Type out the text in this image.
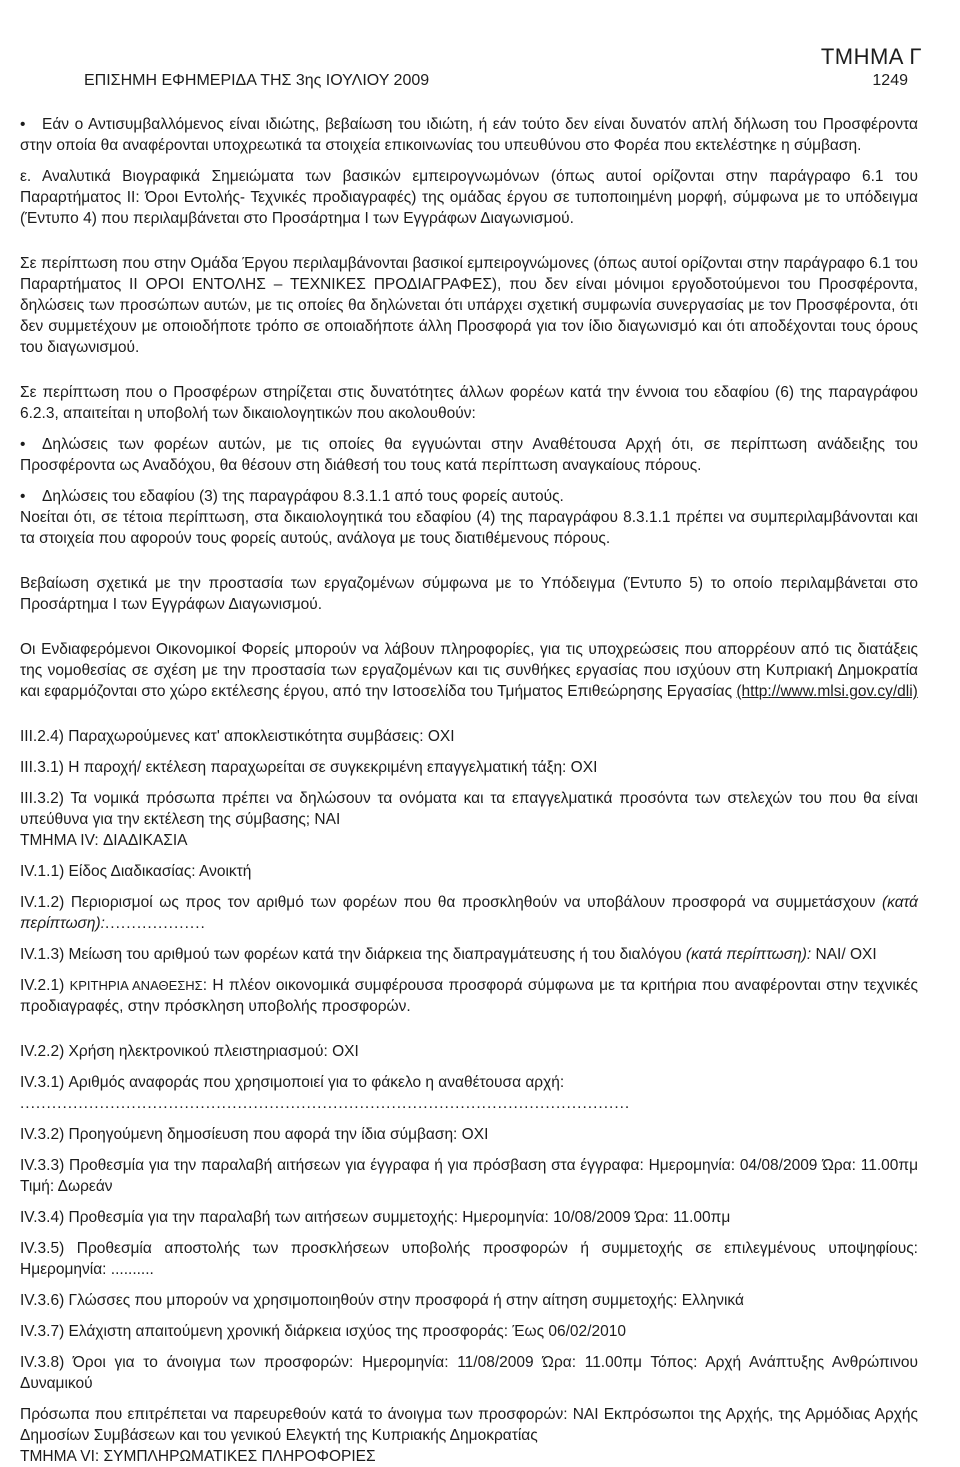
ΤΜΗΜΑ Γ
ΕΠΙΣΗΜΗ ΕΦΗΜΕΡΙΔΑ ΤΗΣ 3ης ΙΟΥΛΙΟΥ 2009	1249

• Εάν ο Αντισυμβαλλόμενος είναι ιδιώτης, βεβαίωση του ιδιώτη, ή εάν τούτο δεν είναι δυνατόν απλή δήλωση του Προσφέροντα στην οποία θα αναφέρονται υποχρεωτικά τα στοιχεία επικοινωνίας του υπευθύνου στο Φορέα που εκτελέστηκε η σύμβαση.

ε. Αναλυτικά Βιογραφικά Σημειώματα των βασικών εμπειρογνωμόνων (όπως αυτοί ορίζονται στην παράγραφο 6.1 του Παραρτήματος ΙΙ: Όροι Εντολής- Τεχνικές προδιαγραφές) της ομάδας έργου σε τυποποιημένη μορφή, σύμφωνα με το υπόδειγμα (Έντυπο 4) που περιλαμβάνεται στο Προσάρτημα Ι των Εγγράφων Διαγωνισμού.

Σε περίπτωση που στην Ομάδα Έργου περιλαμβάνονται βασικοί εμπειρογνώμονες (όπως αυτοί ορίζονται στην παράγραφο 6.1 του Παραρτήματος ΙΙ ΟΡΟΙ ΕΝΤΟΛΗΣ – ΤΕΧΝΙΚΕΣ ΠΡΟΔΙΑΓΡΑΦΕΣ), που δεν είναι μόνιμοι εργοδοτούμενοι του Προσφέροντα, δηλώσεις των προσώπων αυτών, με τις οποίες θα δηλώνεται ότι υπάρχει σχετική συμφωνία συνεργασίας με τον Προσφέροντα, ότι δεν συμμετέχουν με οποιοδήποτε τρόπο σε οποιαδήποτε άλλη Προσφορά για τον ίδιο διαγωνισμό και ότι αποδέχονται τους όρους του διαγωνισμού.

Σε περίπτωση που ο Προσφέρων στηρίζεται στις δυνατότητες άλλων φορέων κατά την έννοια του εδαφίου (6) της παραγράφου 6.2.3, απαιτείται η υποβολή των δικαιολογητικών που ακολουθούν:

• Δηλώσεις των φορέων αυτών, με τις οποίες θα εγγυώνται στην Αναθέτουσα Αρχή ότι, σε περίπτωση ανάδειξης του Προσφέροντα ως Αναδόχου, θα θέσουν στη διάθεσή του τους κατά περίπτωση αναγκαίους πόρους.

• Δηλώσεις του εδαφίου (3) της παραγράφου 8.3.1.1 από τους φορείς αυτούς.

Νοείται ότι, σε τέτοια περίπτωση, στα δικαιολογητικά του εδαφίου (4) της παραγράφου 8.3.1.1 πρέπει να συμπεριλαμβάνονται και τα στοιχεία που αφορούν τους φορείς αυτούς, ανάλογα με τους διατιθέμενους πόρους.

Βεβαίωση σχετικά με την προστασία των εργαζομένων σύμφωνα με το Υπόδειγμα (Έντυπο 5) το οποίο περιλαμβάνεται στο Προσάρτημα Ι των Εγγράφων Διαγωνισμού.

Οι Ενδιαφερόμενοι Οικονομικοί Φορείς μπορούν να λάβουν πληροφορίες, για τις υποχρεώσεις που απορρέουν από τις διατάξεις της νομοθεσίας σε σχέση με την προστασία των εργαζομένων και τις συνθήκες εργασίας που ισχύουν στη Κυπριακή Δημοκρατία και εφαρμόζονται στο χώρο εκτέλεσης έργου, από την Ιστοσελίδα του Τμήματος Επιθεώρησης Εργασίας (http://www.mlsi.gov.cy/dli)

ΙΙΙ.2.4) Παραχωρούμενες κατ' αποκλειστικότητα συμβάσεις: ΟΧΙ

ΙΙΙ.3.1) Η παροχή/ εκτέλεση παραχωρείται σε συγκεκριμένη επαγγελματική τάξη: ΟΧΙ

ΙΙΙ.3.2) Τα νομικά πρόσωπα πρέπει να δηλώσουν τα ονόματα και τα επαγγελματικά προσόντα των στελεχών του που θα είναι υπεύθυνα για την εκτέλεση της σύμβασης; ΝΑΙ

ΤΜΗΜΑ ΙV: ΔΙΑΔΙΚΑΣΙΑ

ΙV.1.1) Είδος Διαδικασίας: Ανοικτή

ΙV.1.2) Περιορισμοί ως προς τον αριθμό των φορέων που θα προσκληθούν να υποβάλουν προσφορά να συμμετάσχουν (κατά περίπτωση):...................

ΙV.1.3) Μείωση του αριθμού των φορέων κατά την διάρκεια της διαπραγμάτευσης ή του διαλόγου (κατά περίπτωση): ΝΑΙ/ ΟΧΙ

ΙV.2.1) ΚΡΙΤΗΡΙΑ ΑΝΑΘΕΣΗΣ: Η πλέον οικονομικά συμφέρουσα προσφορά σύμφωνα με τα κριτήρια που αναφέρονται στην τεχνικές προδιαγραφές, στην πρόσκληση υποβολής προσφορών.

ΙV.2.2) Χρήση ηλεκτρονικού πλειστηριασμού: ΟΧΙ

ΙV.3.1) Αριθμός αναφοράς που χρησιμοποιεί για το φάκελο η αναθέτουσα αρχή:
...................................................................................................................

ΙV.3.2) Προηγούμενη δημοσίευση που αφορά την ίδια σύμβαση: ΟΧΙ

ΙV.3.3) Προθεσμία για την παραλαβή αιτήσεων για έγγραφα ή για πρόσβαση στα έγγραφα: Ημερομηνία: 04/08/2009 Ώρα: 11.00πμ Τιμή: Δωρεάν

ΙV.3.4) Προθεσμία για την παραλαβή των αιτήσεων συμμετοχής: Ημερομηνία: 10/08/2009 Ώρα: 11.00πμ

ΙV.3.5) Προθεσμία αποστολής των προσκλήσεων υποβολής προσφορών ή συμμετοχής σε επιλεγμένους υποψηφίους: Ημερομηνία: ..........

ΙV.3.6) Γλώσσες που μπορούν να χρησιμοποιηθούν στην προσφορά ή στην αίτηση συμμετοχής: Ελληνικά

ΙV.3.7) Ελάχιστη απαιτούμενη χρονική διάρκεια ισχύος της προσφοράς: Έως 06/02/2010

ΙV.3.8) Όροι για το άνοιγμα των προσφορών: Ημερομηνία: 11/08/2009 Ώρα: 11.00πμ Τόπος: Αρχή Ανάπτυξης Ανθρώπινου Δυναμικού

Πρόσωπα που επιτρέπεται να παρευρεθούν κατά το άνοιγμα των προσφορών: ΝΑΙ Εκπρόσωποι της Αρχής, της Αρμόδιας Αρχής Δημοσίων Συμβάσεων και του γενικού Ελεγκτή της Κυπριακής Δημοκρατίας

ΤΜΗΜΑ VΙ: ΣΥΜΠΛΗΡΩΜΑΤΙΚΕΣ ΠΛΗΡΟΦΟΡΙΕΣ
